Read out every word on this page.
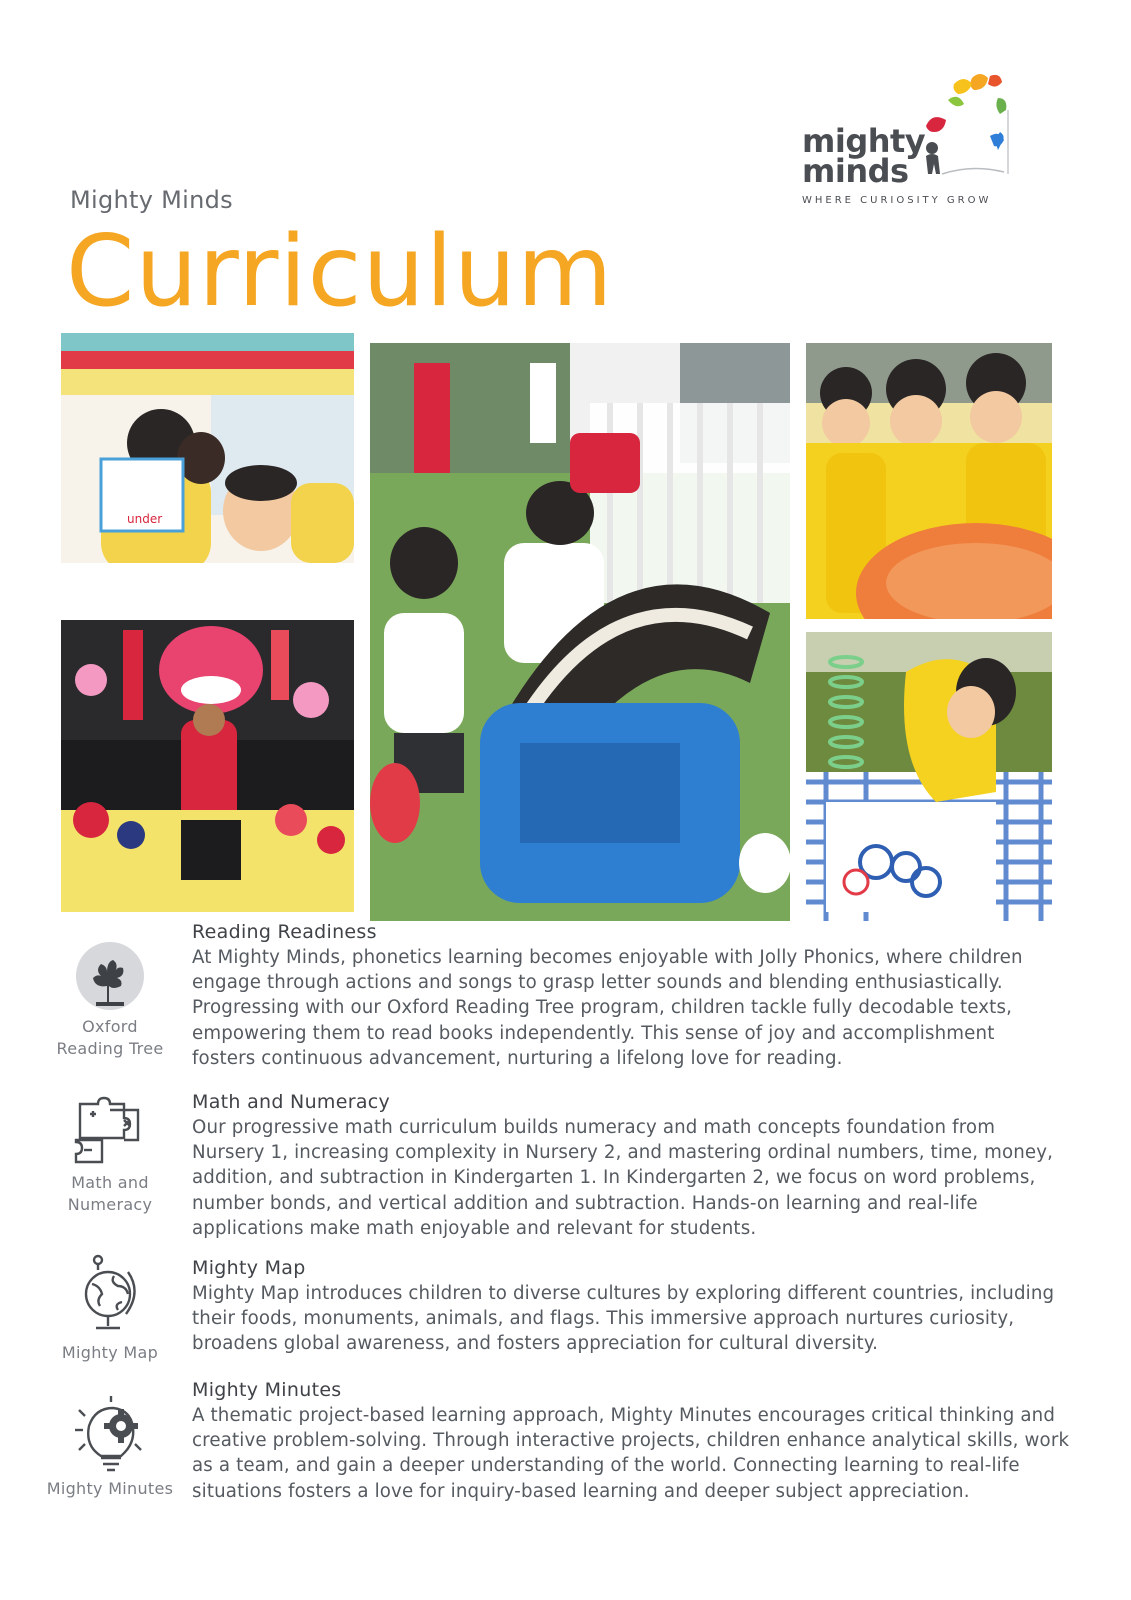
Mighty Minds
Curriculum
mighty
minds
WHERE CURIOSITY GROW
under
Oxford
Reading Tree
Reading Readiness
At Mighty Minds, phonetics learning becomes enjoyable with Jolly Phonics, where children
engage through actions and songs to grasp letter sounds and blending enthusiastically.
Progressing with our Oxford Reading Tree program, children tackle fully decodable texts,
empowering them to read books independently. This sense of joy and accomplishment
fosters continuous advancement, nurturing a lifelong love for reading.
Math and
Numeracy
Math and Numeracy
Our progressive math curriculum builds numeracy and math concepts foundation from
Nursery 1, increasing complexity in Nursery 2, and mastering ordinal numbers, time, money,
addition, and subtraction in Kindergarten 1. In Kindergarten 2, we focus on word problems,
number bonds, and vertical addition and subtraction. Hands-on learning and real-life
applications make math enjoyable and relevant for students.
Mighty Map
Mighty Map
Mighty Map introduces children to diverse cultures by exploring different countries, including
their foods, monuments, animals, and flags. This immersive approach nurtures curiosity,
broadens global awareness, and fosters appreciation for cultural diversity.
Mighty Minutes
Mighty Minutes
A thematic project-based learning approach, Mighty Minutes encourages critical thinking and
creative problem-solving. Through interactive projects, children enhance analytical skills, work
as a team, and gain a deeper understanding of the world. Connecting learning to real-life
situations fosters a love for inquiry-based learning and deeper subject appreciation.
